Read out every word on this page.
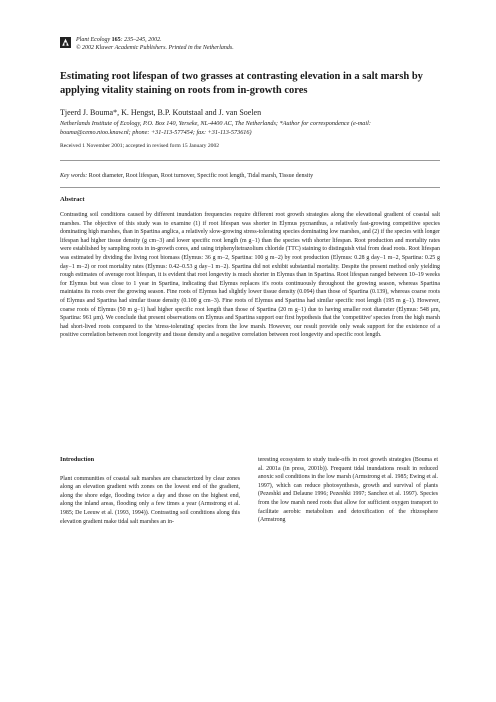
Plant Ecology 165: 235–245, 2002.
© 2002 Kluwer Academic Publishers. Printed in the Netherlands.
Estimating root lifespan of two grasses at contrasting elevation in a salt marsh by applying vitality staining on roots from in-growth cores
Tjeerd J. Bouma*, K. Hengst, B.P. Koutstaal and J. van Soelen
Netherlands Institute of Ecology, P.O. Box 140, Yerseke, NL-4400 AC, The Netherlands; *Author for correspondence (e-mail: bouma@cemo.nioo.knaw.nl; phone: +31-113-577454; fax: +31-113-573616)
Received 1 November 2001; accepted in revised form 15 January 2002
Key words: Root diameter, Root lifespan, Root turnover, Specific root length, Tidal marsh, Tissue density
Abstract

Contrasting soil conditions caused by different inundation frequencies require different root growth strategies along the elevational gradient of coastal salt marshes. The objective of this study was to examine (1) if root lifespan was shorter in Elymus pycnanthus, a relatively fast-growing competitive species dominating high marshes, than in Spartina anglica, a relatively slow-growing stress-tolerating species dominating low marshes, and (2) if the species with longer lifespan had higher tissue density (g cm−3) and lower specific root length (m g−1) than the species with shorter lifespan. Root production and mortality rates were established by sampling roots in in-growth cores, and using triphenyltetrazolium chloride (TTC) staining to distinguish vital from dead roots. Root lifespan was estimated by dividing the living root biomass (Elymus: 36 g m−2, Spartina: 100 g m−2) by root production (Elymus: 0.28 g day−1 m−2, Spartina: 0.25 g day−1 m−2) or root mortality rates (Elymus: 0.42–0.53 g day−1 m−2). Spartina did not exhibit substantial mortality. Despite the present method only yielding rough estimates of average root lifespan, it is evident that root longevity is much shorter in Elymus than in Spartina. Root lifespan ranged between 10–19 weeks for Elymus but was close to 1 year in Spartina, indicating that Elymus replaces it's roots continuously throughout the growing season, whereas Spartina maintains its roots over the growing season. Fine roots of Elymus had slightly lower tissue density (0.094) than those of Spartina (0.139), whereas coarse roots of Elymus and Spartina had similar tissue density (0.100 g cm−3). Fine roots of Elymus and Spartina had similar specific root length (195 m g−1). However, coarse roots of Elymus (50 m g−1) had higher specific root length than those of Spartina (20 m g−1) due to having smaller root diameter (Elymus: 548 μm, Spartina: 961 μm). We conclude that present observations on Elymus and Spartina support our first hypothesis that the 'competitive' species from the high marsh had short-lived roots compared to the 'stress-tolerating' species from the low marsh. However, our result provide only weak support for the existence of a positive correlation between root longevity and tissue density and a negative correlation between root longevity and specific root length.

Introduction

Plant communities of coastal salt marshes are characterized by clear zones along an elevation gradient with zones on the lowest end of the gradient, along the shore edge, flooding twice a day and those on the highest end, along the inland areas, flooding only a few times a year (Armstrong et al. 1985; De Leeuw et al. (1993, 1994)). Contrasting soil conditions along this elevation gradient make tidal salt marshes an in-

teresting ecosystem to study trade-offs in root growth strategies (Bouma et al. 2001a (in press, 2001b)). Frequent tidal inundations result in reduced anoxic soil conditions in the low marsh (Armstrong et al. 1985; Ewing et al. 1997), which can reduce photosynthesis, growth and survival of plants (Pezeshki and Delaune 1996; Pezeshki 1997; Sanchez et al. 1997). Species from the low marsh need roots that allow for sufficient oxygen transport to facilitate aerobic metabolism and detoxification of the rhizosphere (Armstrong
